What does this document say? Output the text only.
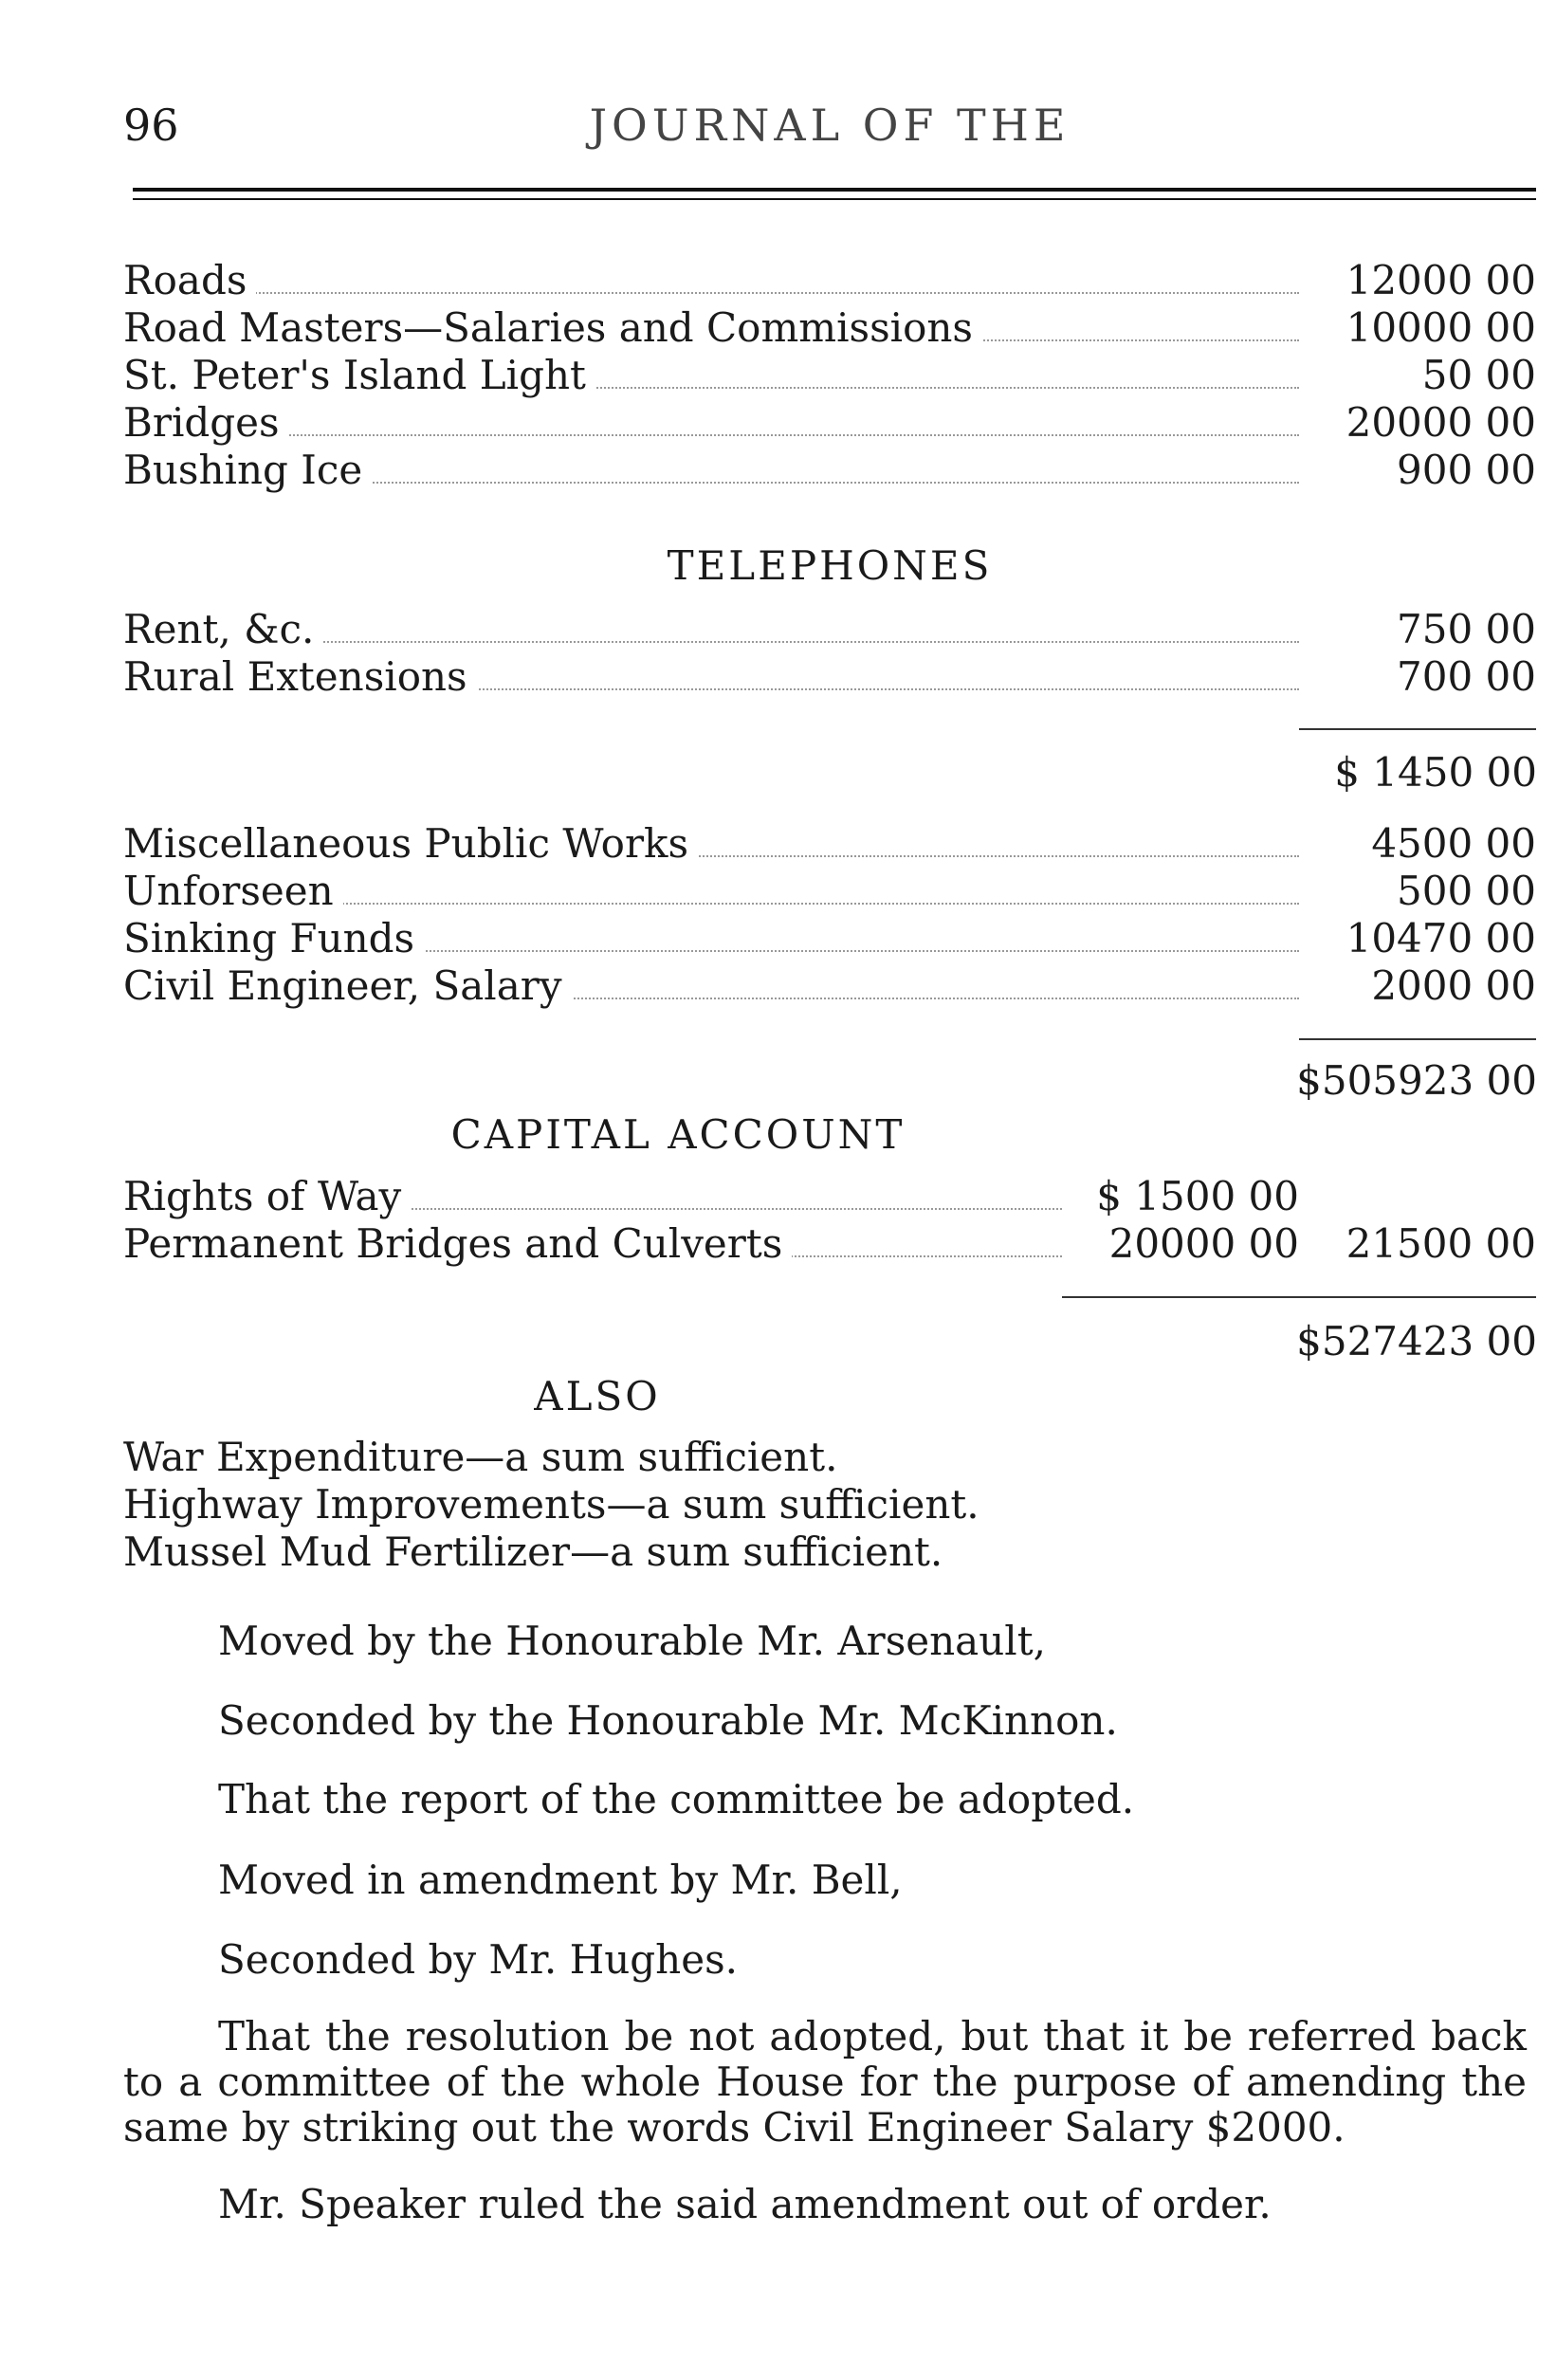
96	JOURNAL OF THE
Roads	12000 00
Road Masters—Salaries and Commissions	10000 00
St. Peter's Island Light	50 00
Bridges	20000 00
Bushing Ice	900 00
TELEPHONES
Rent, &c.	750 00
Rural Extensions	700 00
$ 1450 00
Miscellaneous Public Works	4500 00
Unforseen	500 00
Sinking Funds	10470 00
Civil Engineer, Salary	2000 00
$505923 00
CAPITAL ACCOUNT
Rights of Way	$ 1500 00
Permanent Bridges and Culverts	20000 00	21500 00
$527423 00
ALSO
War Expenditure—a sum sufficient.
Highway Improvements—a sum sufficient.
Mussel Mud Fertilizer—a sum sufficient.
Moved by the Honourable Mr. Arsenault,
Seconded by the Honourable Mr. McKinnon.
That the report of the committee be adopted.
Moved in amendment by Mr. Bell,
Seconded by Mr. Hughes.
That the resolution be not adopted, but that it be referred back to a committee of the whole House for the purpose of amending the same by striking out the words Civil Engineer Salary $2000.
Mr. Speaker ruled the said amendment out of order.
